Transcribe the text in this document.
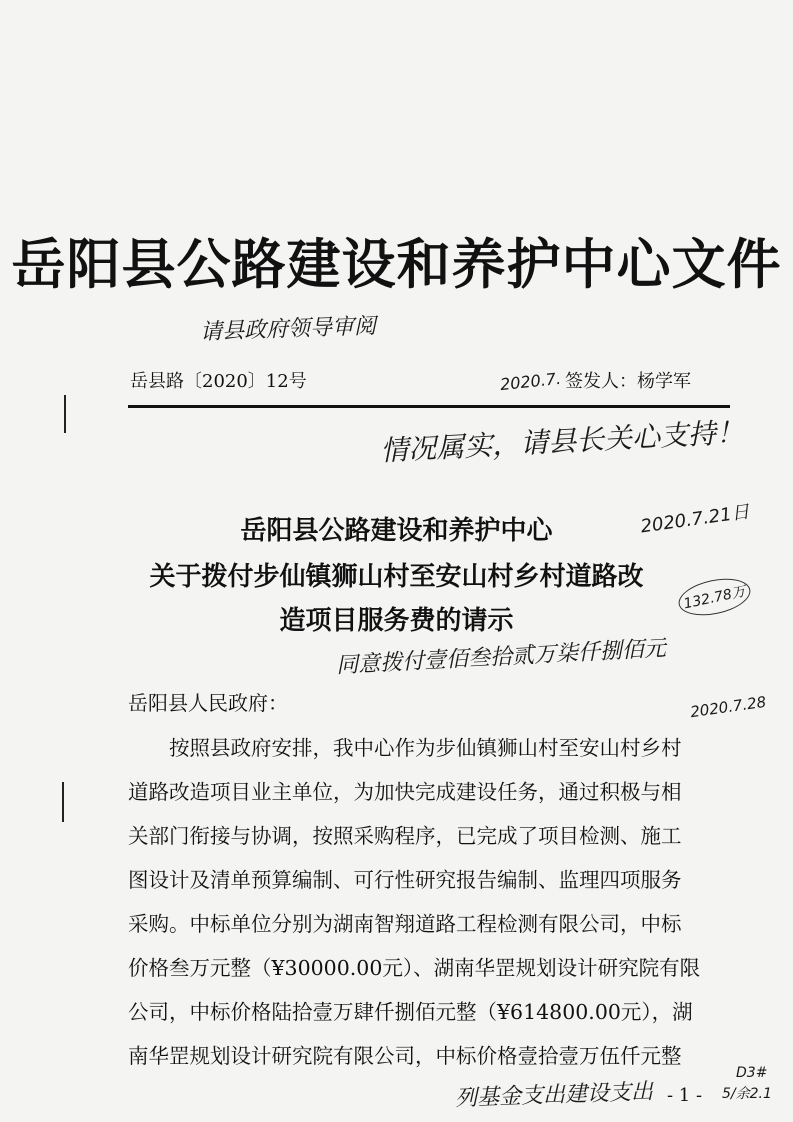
岳阳县公路建设和养护中心文件
请县政府领导审阅
2020.7.
岳县路〔2020〕12号	签发人：杨学军
情况属实，请县长关心支持！
2020.7.21日
岳阳县公路建设和养护中心
关于拨付步仙镇狮山村至安山村乡村道路改
造项目服务费的请示
132.78万
同意拨付壹佰叁拾贰万柒仟捌佰元
2020.7.28
岳阳县人民政府：
按照县政府安排，我中心作为步仙镇狮山村至安山村乡村
道路改造项目业主单位，为加快完成建设任务，通过积极与相
关部门衔接与协调，按照采购程序，已完成了项目检测、施工
图设计及清单预算编制、可行性研究报告编制、监理四项服务
采购。中标单位分别为湖南智翔道路工程检测有限公司，中标
价格叁万元整（¥30000.00元）、湖南华罡规划设计研究院有限
公司，中标价格陆拾壹万肆仟捌佰元整（¥614800.00元），湖
南华罡规划设计研究院有限公司，中标价格壹拾壹万伍仟元整
列基金支出建设支出 - 1 -
D3#
5/余2.1
